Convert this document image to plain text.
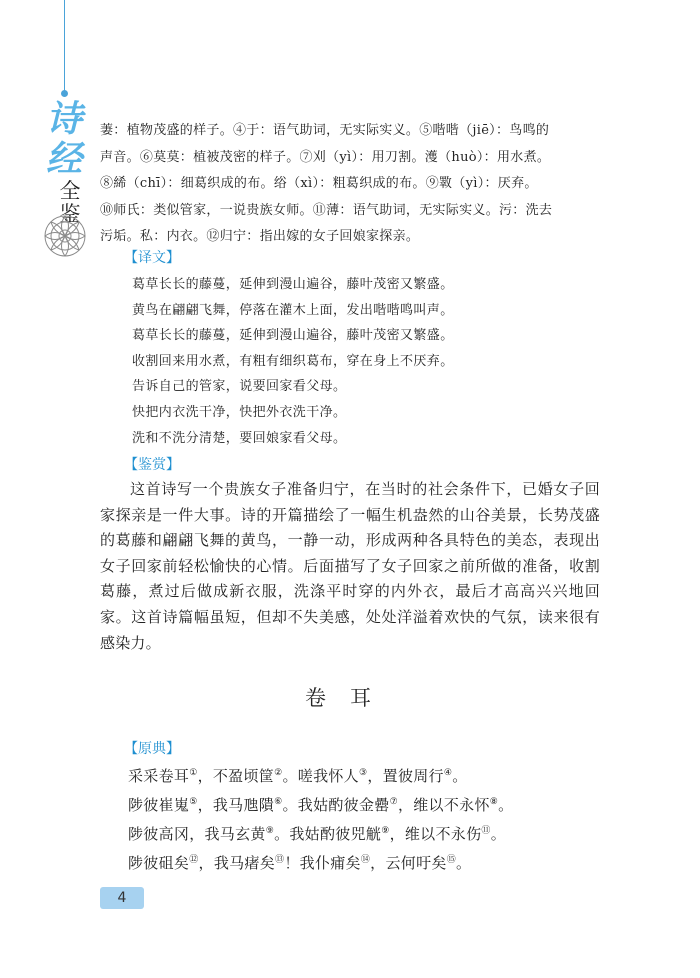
诗经
全鉴

萋：植物茂盛的样子。④于：语气助词，无实际实义。⑤喈喈（jiē）：鸟鸣的

声音。⑥莫莫：植被茂密的样子。⑦刈（yì）：用刀割。濩（huò）：用水煮。

⑧絺（chī）：细葛织成的布。绤（xì）：粗葛织成的布。⑨斁（yì）：厌弃。

⑩师氏：类似管家，一说贵族女师。⑪薄：语气助词，无实际实义。污：洗去

污垢。私：内衣。⑫归宁：指出嫁的女子回娘家探亲。

【译文】
葛草长长的藤蔓，延伸到漫山遍谷，藤叶茂密又繁盛。
黄鸟在翩翩飞舞，停落在灌木上面，发出喈喈鸣叫声。
葛草长长的藤蔓，延伸到漫山遍谷，藤叶茂密又繁盛。
收割回来用水煮，有粗有细织葛布，穿在身上不厌弃。
告诉自己的管家，说要回家看父母。
快把内衣洗干净，快把外衣洗干净。
洗和不洗分清楚，要回娘家看父母。
【鉴赏】
这首诗写一个贵族女子准备归宁，在当时的社会条件下，已婚女子回家探亲是一件大事。诗的开篇描绘了一幅生机盎然的山谷美景，长势茂盛的葛藤和翩翩飞舞的黄鸟，一静一动，形成两种各具特色的美态，表现出女子回家前轻松愉快的心情。后面描写了女子回家之前所做的准备，收割葛藤，煮过后做成新衣服，洗涤平时穿的内外衣，最后才高高兴兴地回家。这首诗篇幅虽短，但却不失美感，处处洋溢着欢快的气氛，读来很有感染力。
卷耳
【原典】
采采卷耳①，不盈顷筐②。嗟我怀人③，置彼周行④。
陟彼崔嵬⑤，我马虺隤⑥。我姑酌彼金罍⑦，维以不永怀⑧。
陟彼高冈，我马玄黄⑨。我姑酌彼兕觥⑨，维以不永伤⑪。
陟彼砠矣⑫，我马瘏矣⑬！我仆痡矣⑭，云何吁矣⑮。
4
